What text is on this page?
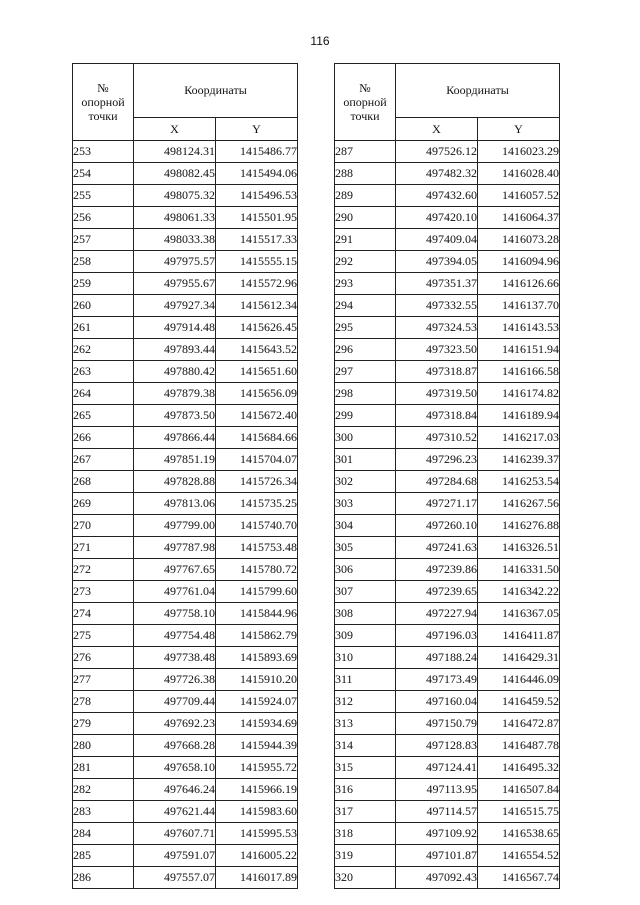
116
№
опорной
точки	Координаты	
	X	Y
253	498124.31	1415486.77
254	498082.45	1415494.06
255	498075.32	1415496.53
256	498061.33	1415501.95
257	498033.38	1415517.33
258	497975.57	1415555.15
259	497955.67	1415572.96
260	497927.34	1415612.34
261	497914.48	1415626.45
262	497893.44	1415643.52
263	497880.42	1415651.60
264	497879.38	1415656.09
265	497873.50	1415672.40
266	497866.44	1415684.66
267	497851.19	1415704.07
268	497828.88	1415726.34
269	497813.06	1415735.25
270	497799.00	1415740.70
271	497787.98	1415753.48
272	497767.65	1415780.72
273	497761.04	1415799.60
274	497758.10	1415844.96
275	497754.48	1415862.79
276	497738.48	1415893.69
277	497726.38	1415910.20
278	497709.44	1415924.07
279	497692.23	1415934.69
280	497668.28	1415944.39
281	497658.10	1415955.72
282	497646.24	1415966.19
283	497621.44	1415983.60
284	497607.71	1415995.53
285	497591.07	1416005.22
286	497557.07	1416017.89
№
опорной
точки	Координаты	
	X	Y
287	497526.12	1416023.29
288	497482.32	1416028.40
289	497432.60	1416057.52
290	497420.10	1416064.37
291	497409.04	1416073.28
292	497394.05	1416094.96
293	497351.37	1416126.66
294	497332.55	1416137.70
295	497324.53	1416143.53
296	497323.50	1416151.94
297	497318.87	1416166.58
298	497319.50	1416174.82
299	497318.84	1416189.94
300	497310.52	1416217.03
301	497296.23	1416239.37
302	497284.68	1416253.54
303	497271.17	1416267.56
304	497260.10	1416276.88
305	497241.63	1416326.51
306	497239.86	1416331.50
307	497239.65	1416342.22
308	497227.94	1416367.05
309	497196.03	1416411.87
310	497188.24	1416429.31
311	497173.49	1416446.09
312	497160.04	1416459.52
313	497150.79	1416472.87
314	497128.83	1416487.78
315	497124.41	1416495.32
316	497113.95	1416507.84
317	497114.57	1416515.75
318	497109.92	1416538.65
319	497101.87	1416554.52
320	497092.43	1416567.74
